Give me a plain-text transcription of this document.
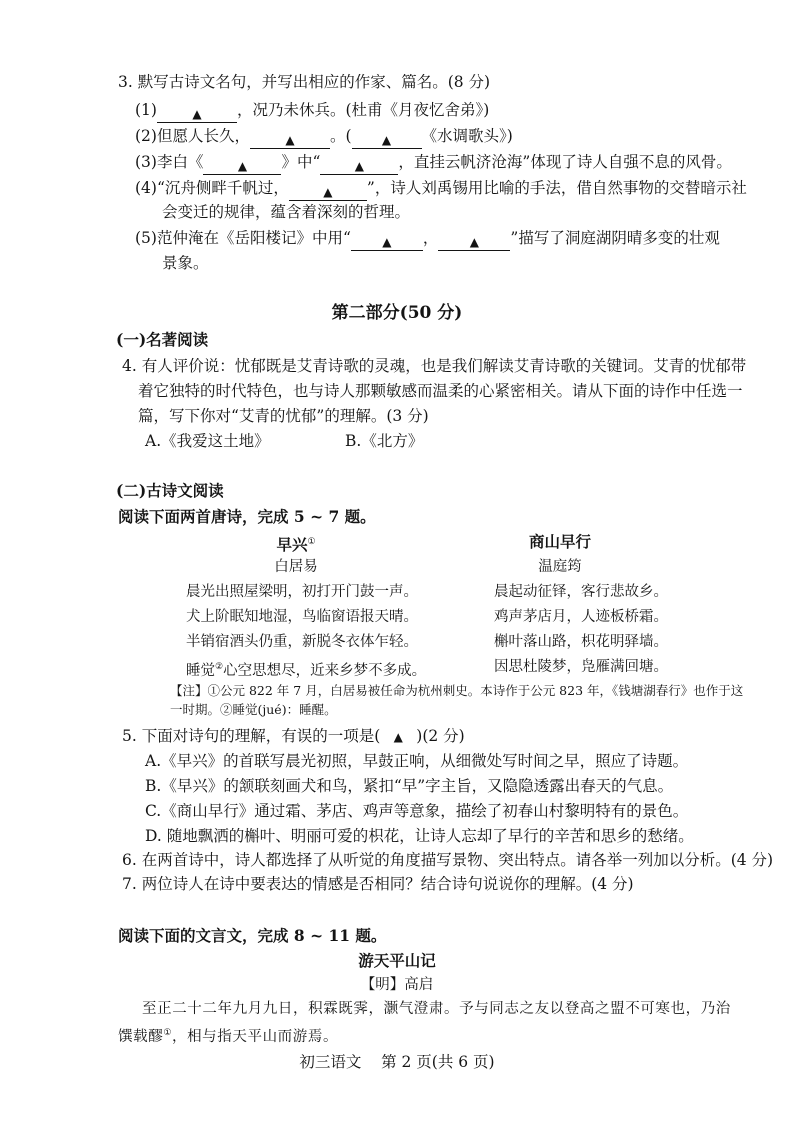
3. 默写古诗文名句，并写出相应的作家、篇名。(8 分)
(1)	▲ ，况乃未休兵。(杜甫《月夜忆舍弟》)
(2)但愿人长久，	▲ 。(	▲ 《水调歌头》)
(3)李白《	▲ 》中“	▲ ，直挂云帆济沧海”体现了诗人自强不息的风骨。
(4)“沉舟侧畔千帆过，	▲ ”，诗人刘禹锡用比喻的手法，借自然事物的交替暗示社
会变迁的规律，蕴含着深刻的哲理。
(5)范仲淹在《岳阳楼记》中用“	▲ ，	▲ ”描写了洞庭湖阴晴多变的壮观
景象。
第二部分(50 分)
(一)名著阅读
4. 有人评价说：忧郁既是艾青诗歌的灵魂，也是我们解读艾青诗歌的关键词。艾青的忧郁带
着它独特的时代特色，也与诗人那颗敏感而温柔的心紧密相关。请从下面的诗作中任选一
篇，写下你对“艾青的忧郁”的理解。(3 分)
A.《我爱这土地》	B.《北方》
(二)古诗文阅读
阅读下面两首唐诗，完成 5 ~ 7 题。
早兴①
白居易
晨光出照屋梁明，初打开门鼓一声。
犬上阶眠知地湿，鸟临窗语报天晴。
半销宿酒头仍重，新脱冬衣体乍轻。
睡觉②心空思想尽，近来乡梦不多成。
商山早行
温庭筠
晨起动征铎，客行悲故乡。
鸡声茅店月，人迹板桥霜。
槲叶落山路，枳花明驿墙。
因思杜陵梦，凫雁满回塘。
【注】①公元 822 年 7 月，白居易被任命为杭州刺史。本诗作于公元 823 年，《钱塘湖春行》也作于这
一时期。②睡觉(jué)：睡醒。
5. 下面对诗句的理解，有误的一项是( ▲ )(2 分)
A.《早兴》的首联写晨光初照，早鼓正响，从细微处写时间之早，照应了诗题。
B.《早兴》的颔联刻画犬和鸟，紧扣“早”字主旨，又隐隐透露出春天的气息。
C.《商山早行》通过霜、茅店、鸡声等意象，描绘了初春山村黎明特有的景色。
D. 随地飘洒的槲叶、明丽可爱的枳花，让诗人忘却了早行的辛苦和思乡的愁绪。
6. 在两首诗中，诗人都选择了从听觉的角度描写景物、突出特点。请各举一列加以分析。(4 分)
7. 两位诗人在诗中要表达的情感是否相同？结合诗句说说你的理解。(4 分)
阅读下面的文言文，完成 8 ~ 11 题。
游天平山记
【明】高启
至正二十二年九月九日，积霖既霁，灏气澄肃。予与同志之友以登高之盟不可寒也，乃治
馔载醪①，相与指天平山而游焉。
初三语文    第 2 页(共 6 页)
